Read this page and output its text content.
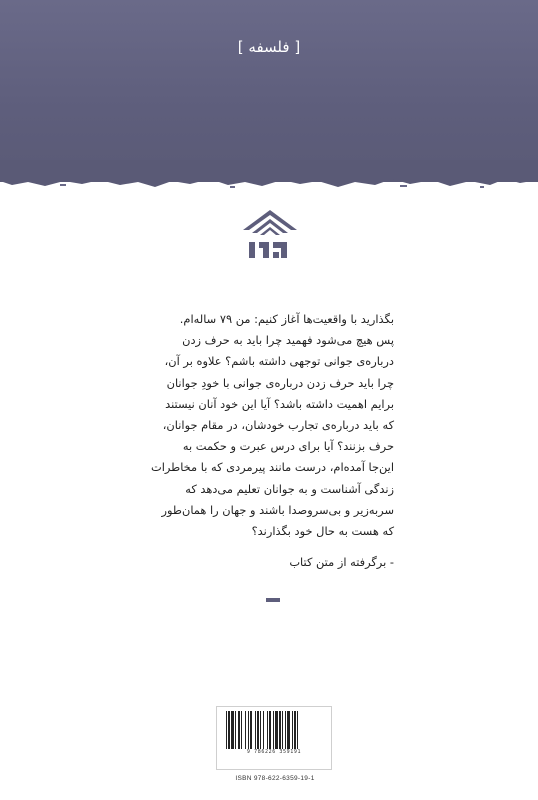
[ فلسفه ]

بگذارید با واقعیت‌ها آغاز کنیم: من ۷۹ ساله‌ام.

پس هیچ می‌شود فهمید چرا باید به حرف زدن

درباره‌ی جوانی توجهی داشته باشم؟ علاوه بر آن،

چرا باید حرف زدن درباره‌ی جوانی با خودِ جوانان

برایم اهمیت داشته باشد؟ آیا این خود آنان نیستند

که باید درباره‌ی تجارب خودشان، در مقام جوانان،

حرف بزنند؟ آیا برای درس عبرت و حکمت به

این‌جا آمده‌ام، درست مانند پیرمردی که با مخاطرات

زندگی آشناست و به جوانان تعلیم می‌دهد که

سربه‌زیر و بی‌سروصدا باشند و جهان را همان‌طور

که هست به حال خود بگذارند؟

- برگرفته از متن کتاب
9 786226 359191
ISBN 978-622-6359-19-1
